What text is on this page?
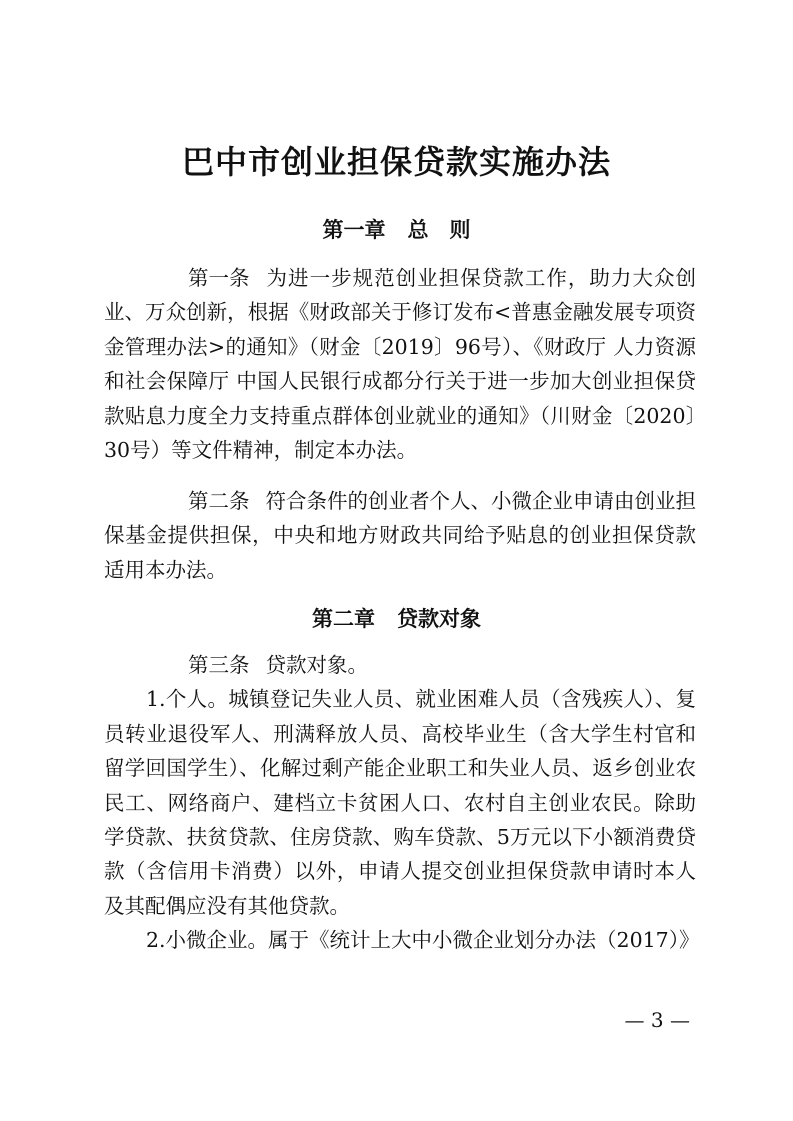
巴中市创业担保贷款实施办法
第一章 总　则

第一条 为进一步规范创业担保贷款工作，助力大众创业、万众创新，根据《财政部关于修订发布<普惠金融发展专项资金管理办法>的通知》（财金〔2019〕96号）、《财政厅 人力资源和社会保障厅 中国人民银行成都分行关于进一步加大创业担保贷款贴息力度全力支持重点群体创业就业的通知》（川财金〔2020〕30号）等文件精神，制定本办法。

第二条 符合条件的创业者个人、小微企业申请由创业担保基金提供担保，中央和地方财政共同给予贴息的创业担保贷款适用本办法。

第二章 贷款对象

第三条 贷款对象。

1.个人。城镇登记失业人员、就业困难人员（含残疾人）、复员转业退役军人、刑满释放人员、高校毕业生（含大学生村官和留学回国学生）、化解过剩产能企业职工和失业人员、返乡创业农民工、网络商户、建档立卡贫困人口、农村自主创业农民。除助学贷款、扶贫贷款、住房贷款、购车贷款、5万元以下小额消费贷款（含信用卡消费）以外，申请人提交创业担保贷款申请时本人及其配偶应没有其他贷款。

2.小微企业。属于《统计上大中小微企业划分办法（2017）》

— 3 —
